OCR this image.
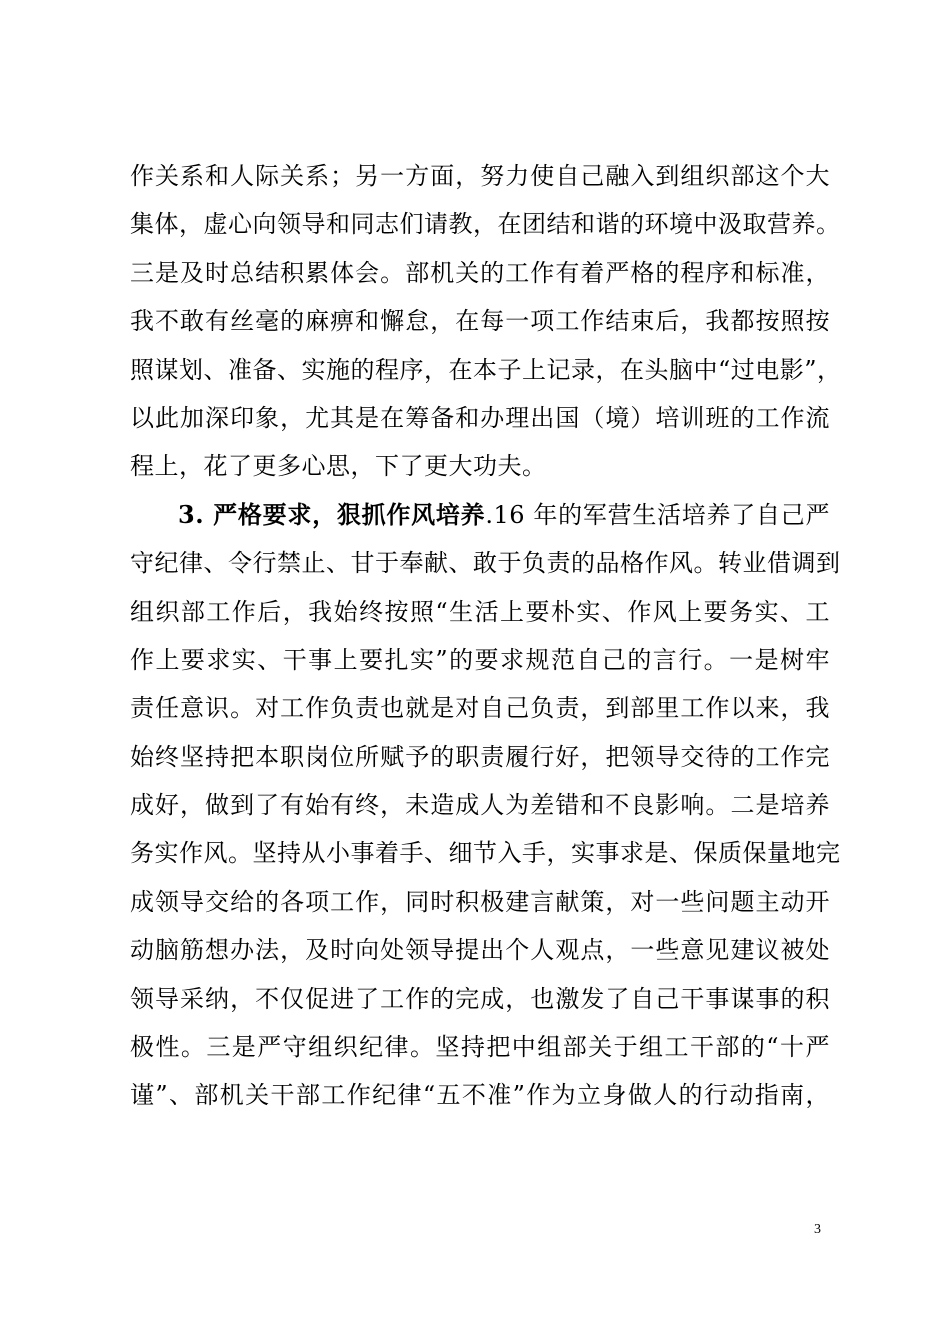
作关系和人际关系；另一方面，努力使自己融入到组织部这个大
集体，虚心向领导和同志们请教，在团结和谐的环境中汲取营养。
三是及时总结积累体会。部机关的工作有着严格的程序和标准，
我不敢有丝毫的麻痹和懈怠，在每一项工作结束后，我都按照按
照谋划、准备、实施的程序，在本子上记录，在头脑中“过电影”，
以此加深印象，尤其是在筹备和办理出国（境）培训班的工作流
程上，花了更多心思，下了更大功夫。
3. 严格要求，狠抓作风培养.16 年的军营生活培养了自己严
守纪律、令行禁止、甘于奉献、敢于负责的品格作风。转业借调到
组织部工作后，我始终按照“生活上要朴实、作风上要务实、工
作上要求实、干事上要扎实”的要求规范自己的言行。一是树牢
责任意识。对工作负责也就是对自己负责，到部里工作以来，我
始终坚持把本职岗位所赋予的职责履行好，把领导交待的工作完
成好，做到了有始有终，未造成人为差错和不良影响。二是培养
务实作风。坚持从小事着手、细节入手，实事求是、保质保量地完
成领导交给的各项工作，同时积极建言献策，对一些问题主动开
动脑筋想办法，及时向处领导提出个人观点，一些意见建议被处
领导采纳，不仅促进了工作的完成，也激发了自己干事谋事的积
极性。三是严守组织纪律。坚持把中组部关于组工干部的“十严
谨”、部机关干部工作纪律“五不准”作为立身做人的行动指南，
3
